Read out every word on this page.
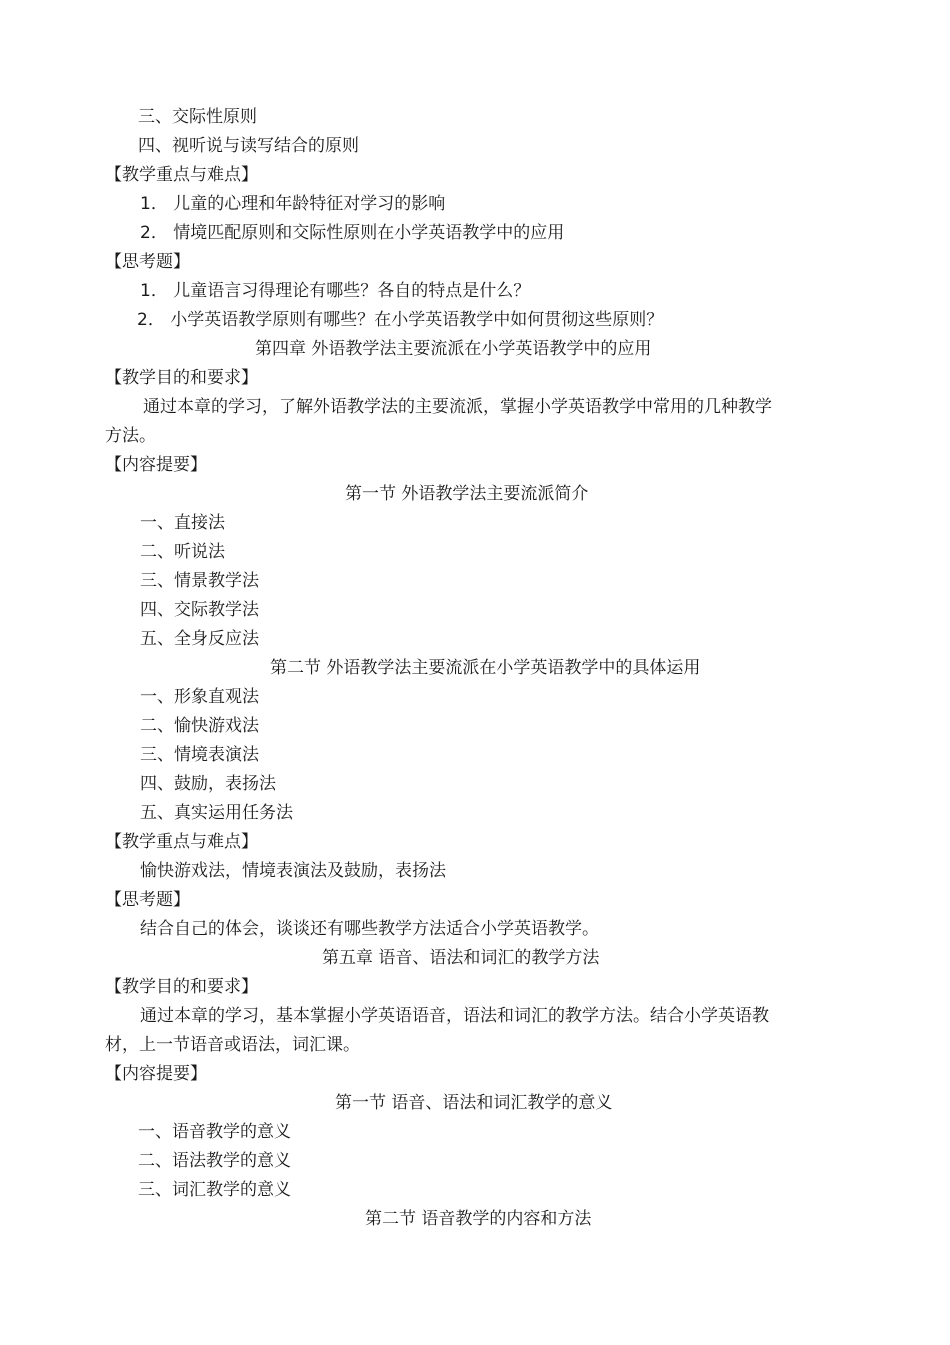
三、交际性原则
四、视听说与读写结合的原则
【教学重点与难点】
1． 儿童的心理和年龄特征对学习的影响
2． 情境匹配原则和交际性原则在小学英语教学中的应用
【思考题】
1． 儿童语言习得理论有哪些？各自的特点是什么？
2． 小学英语教学原则有哪些？在小学英语教学中如何贯彻这些原则？
第四章 外语教学法主要流派在小学英语教学中的应用
【教学目的和要求】
通过本章的学习，了解外语教学法的主要流派，掌握小学英语教学中常用的几种教学
方法。
【内容提要】
第一节 外语教学法主要流派简介
一、直接法
二、听说法
三、情景教学法
四、交际教学法
五、全身反应法
第二节 外语教学法主要流派在小学英语教学中的具体运用
一、形象直观法
二、愉快游戏法
三、情境表演法
四、鼓励，表扬法
五、真实运用任务法
【教学重点与难点】
愉快游戏法，情境表演法及鼓励，表扬法
【思考题】
结合自己的体会，谈谈还有哪些教学方法适合小学英语教学。
第五章 语音、语法和词汇的教学方法
【教学目的和要求】
通过本章的学习，基本掌握小学英语语音，语法和词汇的教学方法。结合小学英语教
材，上一节语音或语法，词汇课。
【内容提要】
第一节 语音、语法和词汇教学的意义
一、语音教学的意义
二、语法教学的意义
三、词汇教学的意义
第二节 语音教学的内容和方法
